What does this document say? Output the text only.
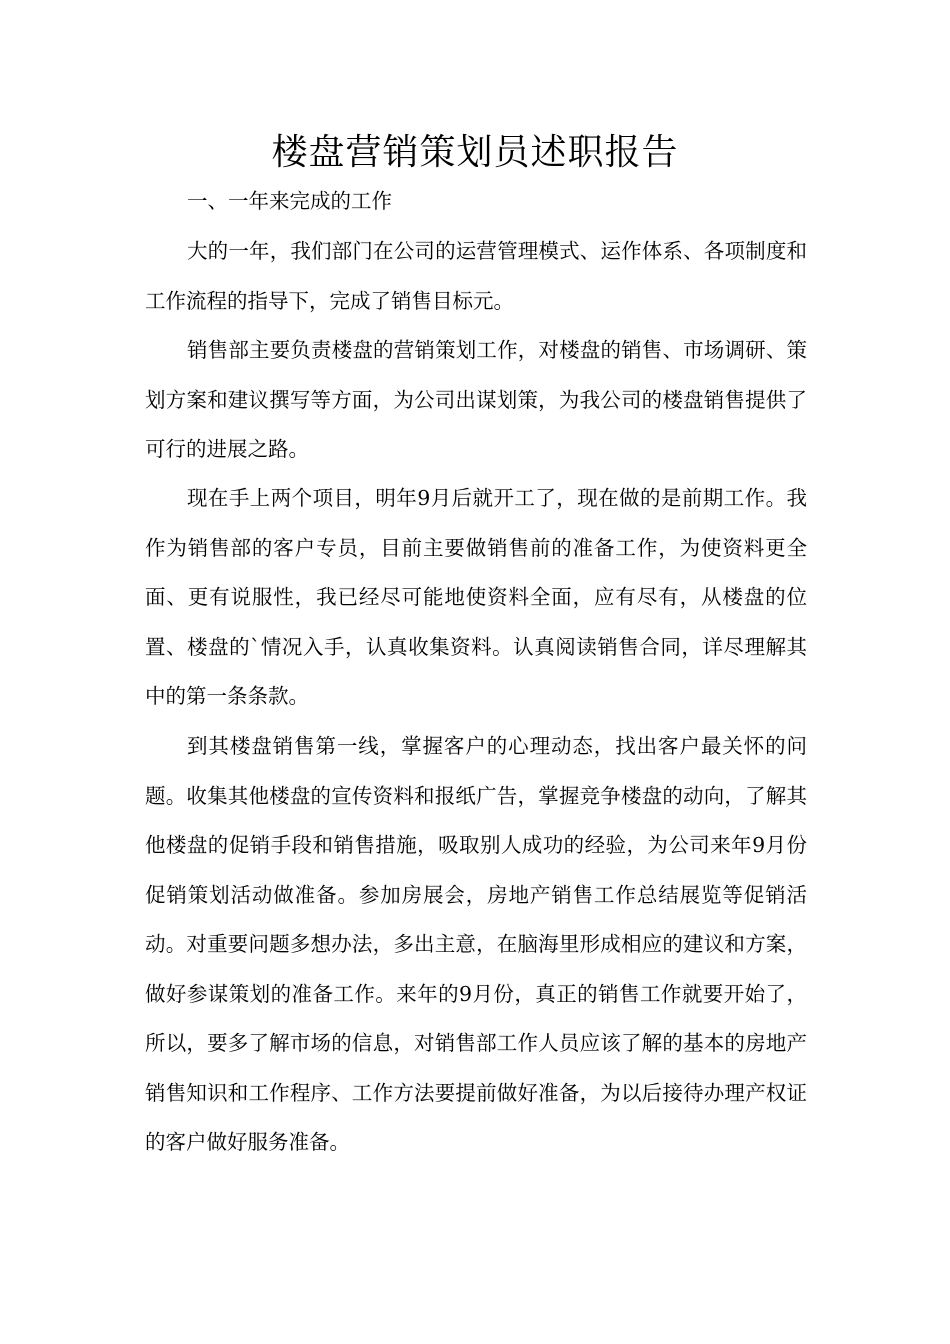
楼盘营销策划员述职报告

一、一年来完成的工作

大的一年，我们部门在公司的运营管理模式、运作体系、各项制度和工作流程的指导下，完成了销售目标元。

销售部主要负责楼盘的营销策划工作，对楼盘的销售、市场调研、策划方案和建议撰写等方面，为公司出谋划策，为我公司的楼盘销售提供了可行的进展之路。

现在手上两个项目，明年9月后就开工了，现在做的是前期工作。我作为销售部的客户专员，目前主要做销售前的准备工作，为使资料更全面、更有说服性，我已经尽可能地使资料全面，应有尽有，从楼盘的位置、楼盘的`情况入手，认真收集资料。认真阅读销售合同，详尽理解其中的第一条条款。

到其楼盘销售第一线，掌握客户的心理动态，找出客户最关怀的问题。收集其他楼盘的宣传资料和报纸广告，掌握竞争楼盘的动向，了解其他楼盘的促销手段和销售措施，吸取别人成功的经验，为公司来年9月份促销策划活动做准备。参加房展会，房地产销售工作总结展览等促销活动。对重要问题多想办法，多出主意，在脑海里形成相应的建议和方案，做好参谋策划的准备工作。来年的9月份，真正的销售工作就要开始了，所以，要多了解市场的信息，对销售部工作人员应该了解的基本的房地产销售知识和工作程序、工作方法要提前做好准备，为以后接待办理产权证的客户做好服务准备。
